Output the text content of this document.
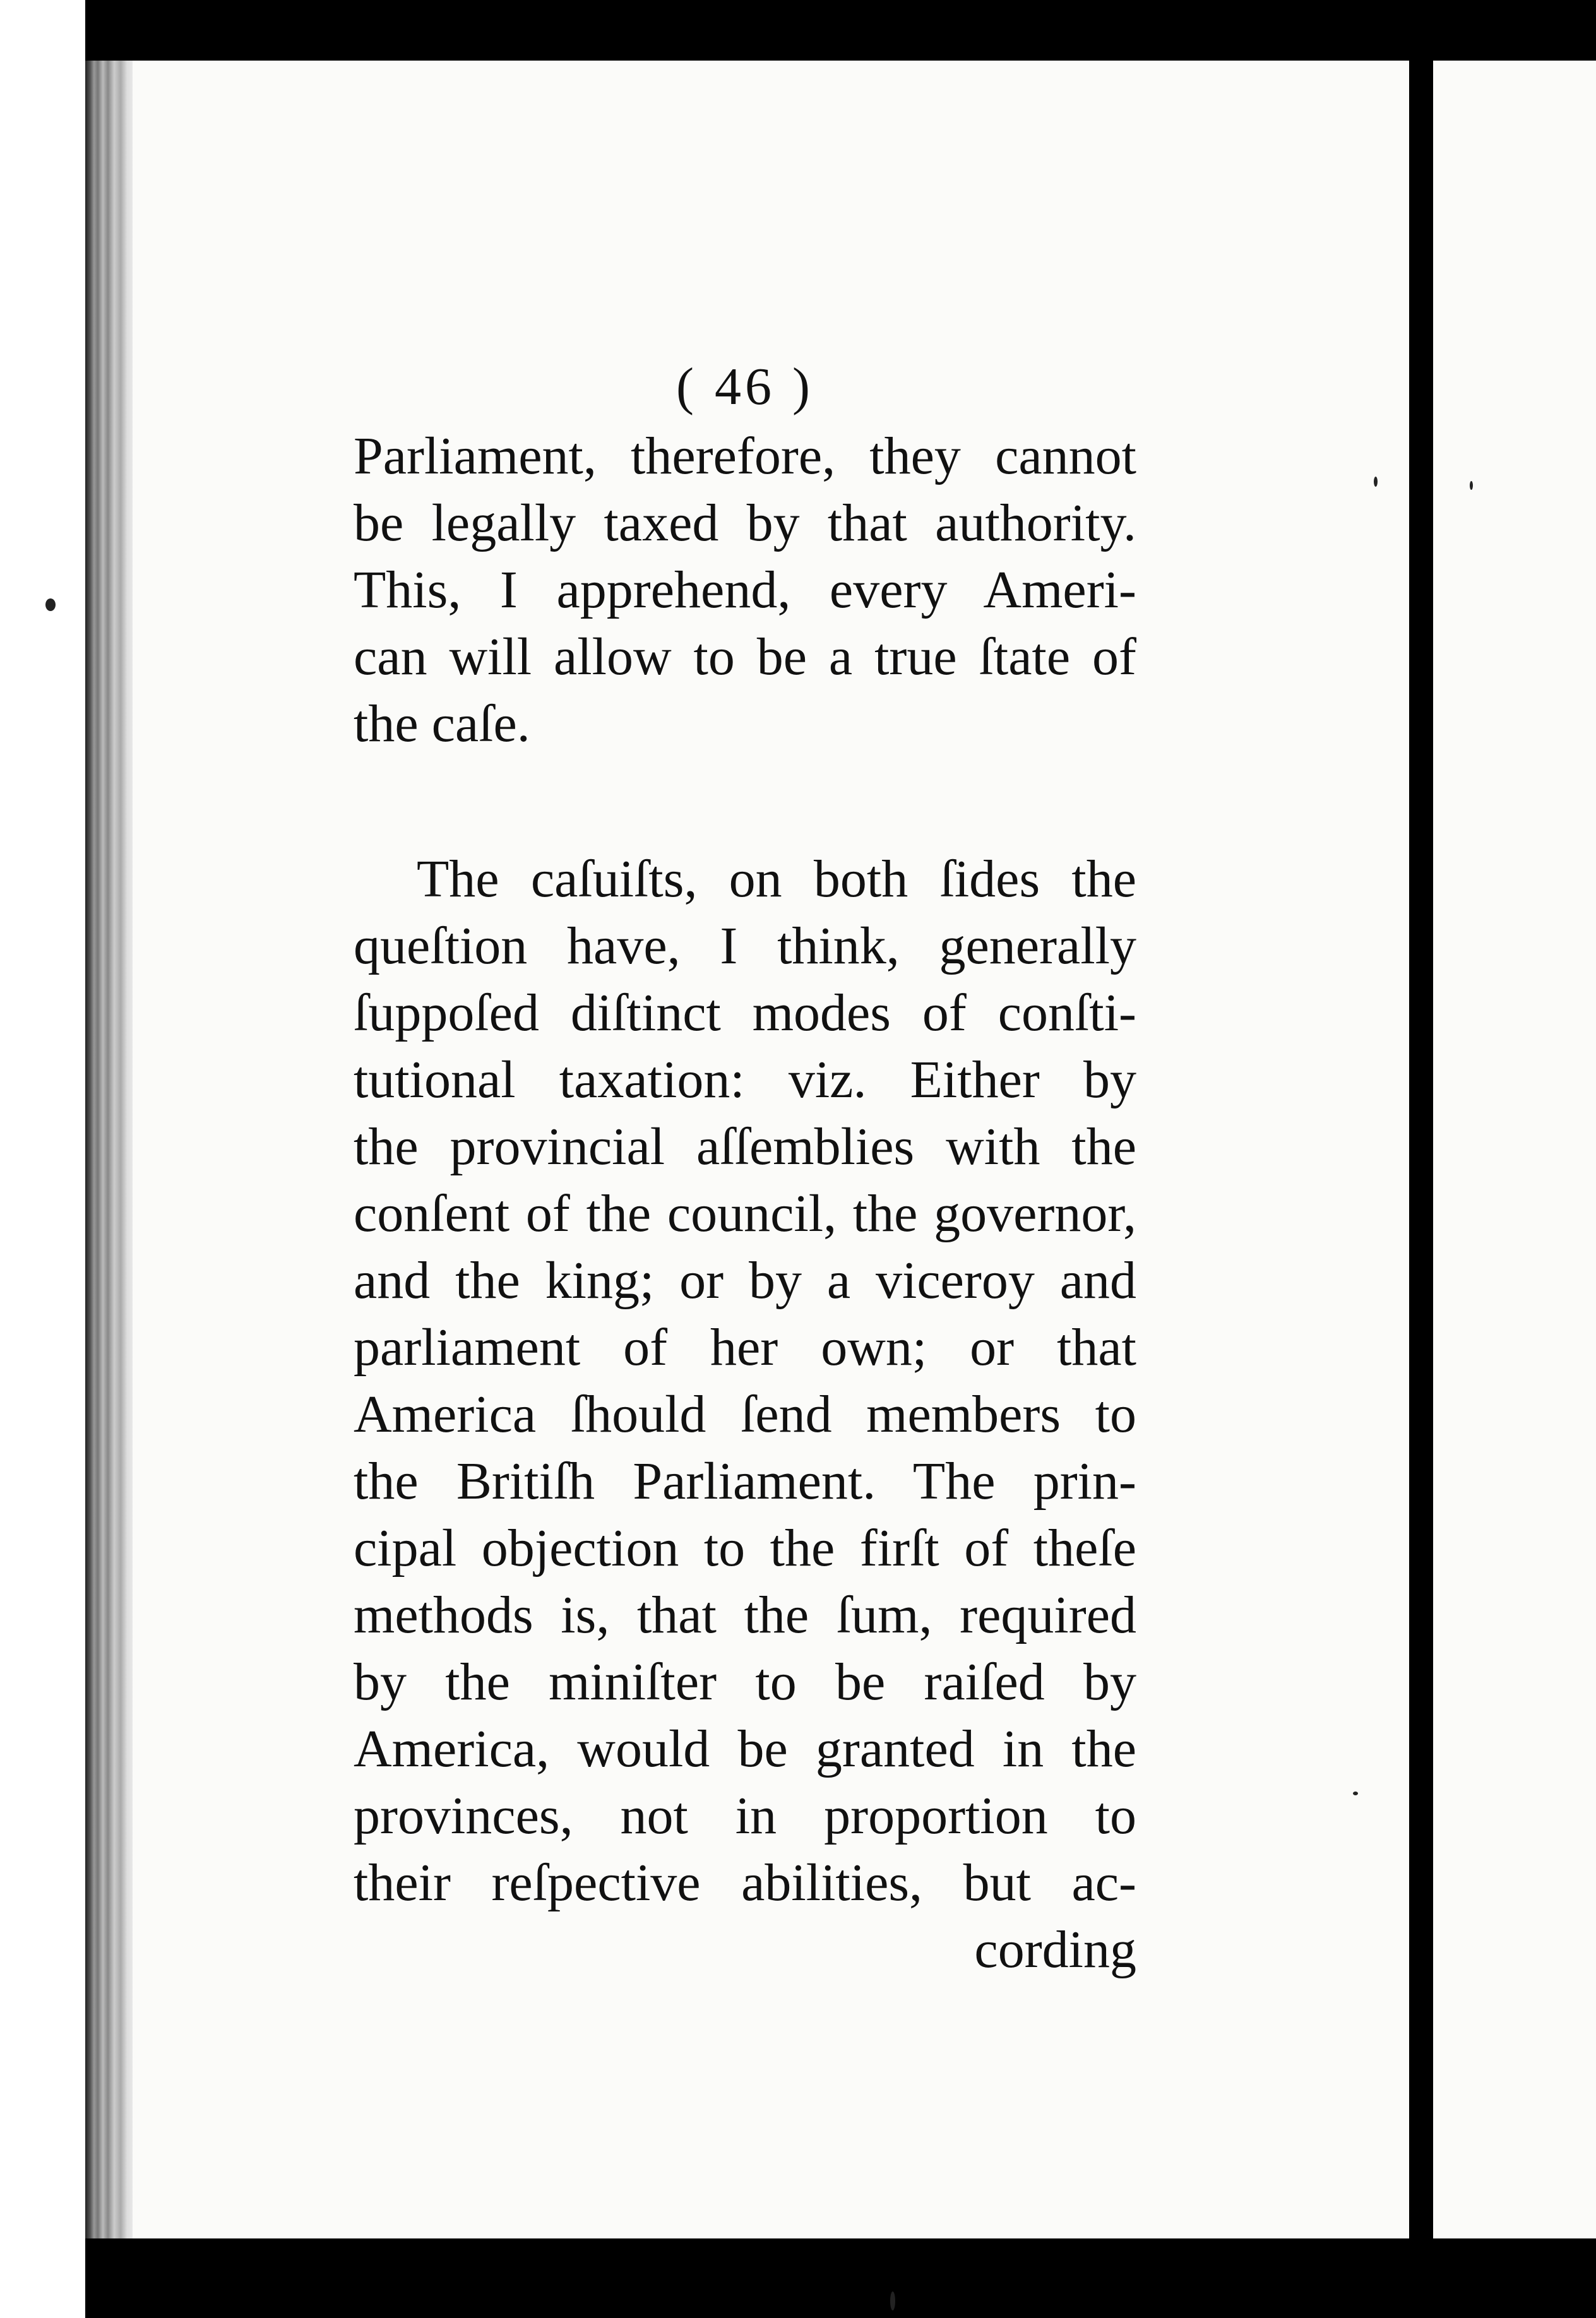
( 46 )
Parliament, therefore, they cannot
be legally taxed by that authority.
This, I apprehend, every Ameri-
can will allow to be a true ſtate of
the caſe.
The caſuiſts, on both ſides the
queſtion have, I think, generally
ſuppoſed diſtinct modes of conſti-
tutional taxation: viz. Either by
the provincial aſſemblies with the
conſent of the council, the governor,
and the king; or by a viceroy and
parliament of her own; or that
America ſhould ſend members to
the Britiſh Parliament. The prin-
cipal objection to the firſt of theſe
methods is, that the ſum, required
by the miniſter to be raiſed by
America, would be granted in the
provinces, not in proportion to
their reſpective abilities, but ac-
cording
